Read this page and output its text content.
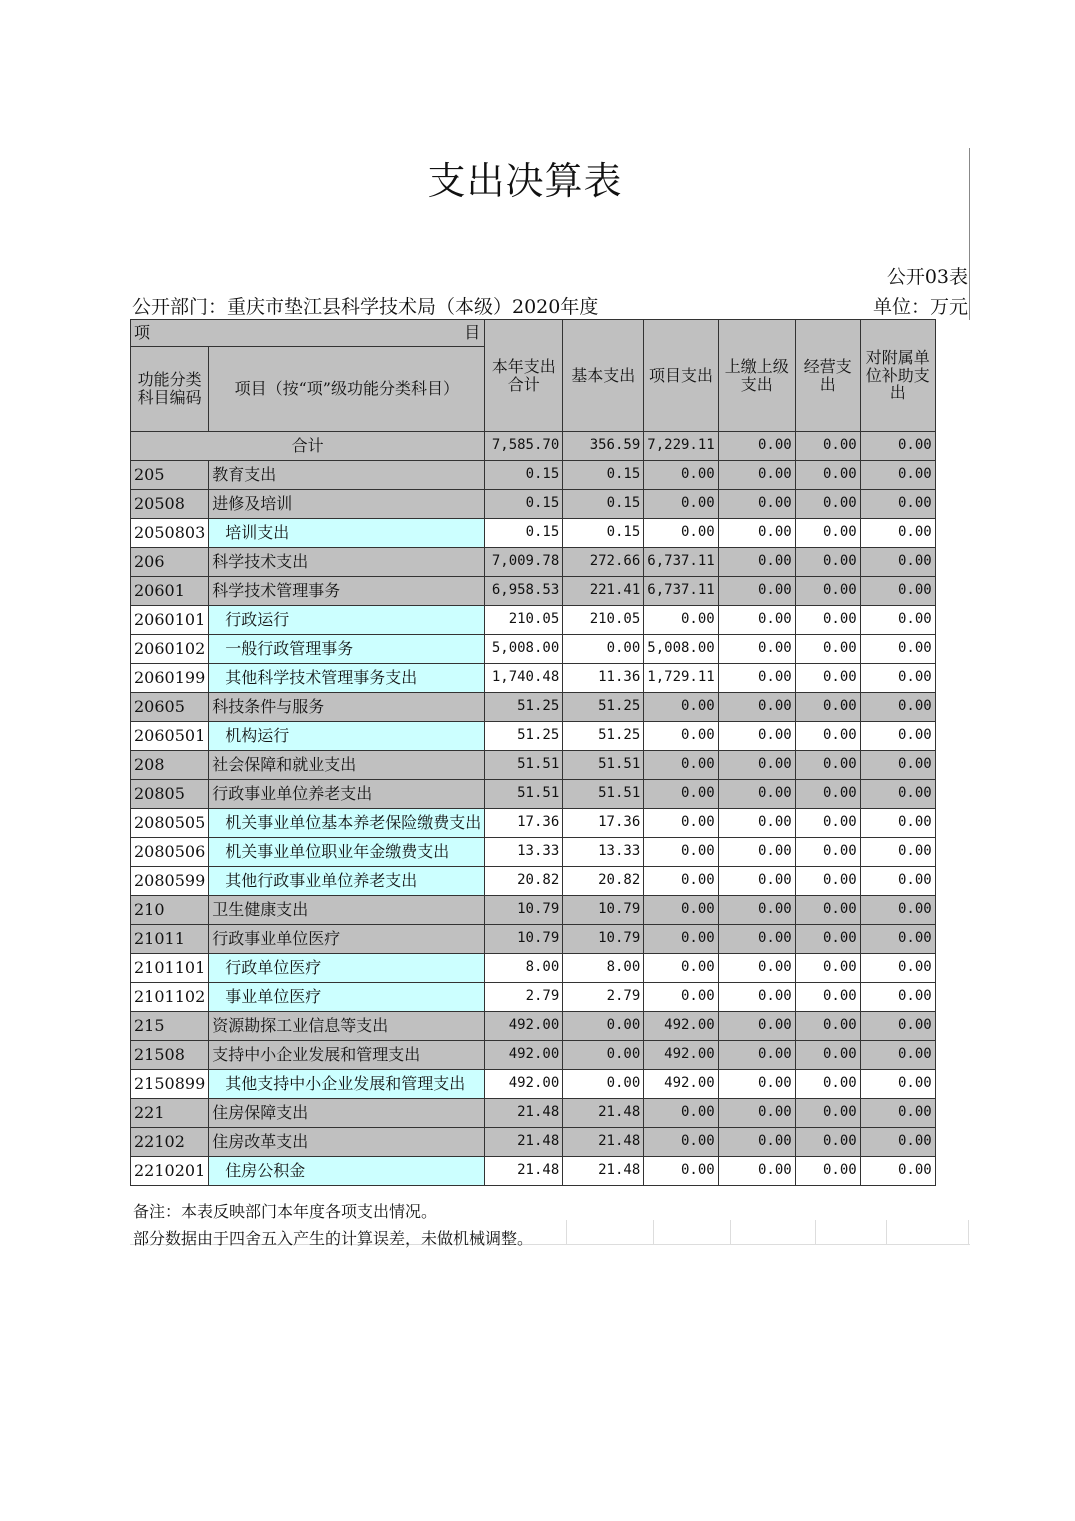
支出决算表
公开03表
公开部门：重庆市垫江县科学技术局（本级）2020年度	单位：万元
项 目		本年支出合计	基本支出	项目支出	上缴上级支出	经营支出	对附属单位补助支出
功能分类科目编码	项目（按“项”级功能分类科目）						
合计		7,585.70	356.59	7,229.11	0.00	0.00	0.00
205	教育支出	0.15	0.15	0.00	0.00	0.00	0.00
20508	进修及培训	0.15	0.15	0.00	0.00	0.00	0.00
2050803	培训支出	0.15	0.15	0.00	0.00	0.00	0.00
206	科学技术支出	7,009.78	272.66	6,737.11	0.00	0.00	0.00
20601	科学技术管理事务	6,958.53	221.41	6,737.11	0.00	0.00	0.00
2060101	行政运行	210.05	210.05	0.00	0.00	0.00	0.00
2060102	一般行政管理事务	5,008.00	0.00	5,008.00	0.00	0.00	0.00
2060199	其他科学技术管理事务支出	1,740.48	11.36	1,729.11	0.00	0.00	0.00
20605	科技条件与服务	51.25	51.25	0.00	0.00	0.00	0.00
2060501	机构运行	51.25	51.25	0.00	0.00	0.00	0.00
208	社会保障和就业支出	51.51	51.51	0.00	0.00	0.00	0.00
20805	行政事业单位养老支出	51.51	51.51	0.00	0.00	0.00	0.00
2080505	机关事业单位基本养老保险缴费支出	17.36	17.36	0.00	0.00	0.00	0.00
2080506	机关事业单位职业年金缴费支出	13.33	13.33	0.00	0.00	0.00	0.00
2080599	其他行政事业单位养老支出	20.82	20.82	0.00	0.00	0.00	0.00
210	卫生健康支出	10.79	10.79	0.00	0.00	0.00	0.00
21011	行政事业单位医疗	10.79	10.79	0.00	0.00	0.00	0.00
2101101	行政单位医疗	8.00	8.00	0.00	0.00	0.00	0.00
2101102	事业单位医疗	2.79	2.79	0.00	0.00	0.00	0.00
215	资源勘探工业信息等支出	492.00	0.00	492.00	0.00	0.00	0.00
21508	支持中小企业发展和管理支出	492.00	0.00	492.00	0.00	0.00	0.00
2150899	其他支持中小企业发展和管理支出	492.00	0.00	492.00	0.00	0.00	0.00
221	住房保障支出	21.48	21.48	0.00	0.00	0.00	0.00
22102	住房改革支出	21.48	21.48	0.00	0.00	0.00	0.00
2210201	住房公积金	21.48	21.48	0.00	0.00	0.00	0.00
备注：本表反映部门本年度各项支出情况。
部分数据由于四舍五入产生的计算误差，未做机械调整。
